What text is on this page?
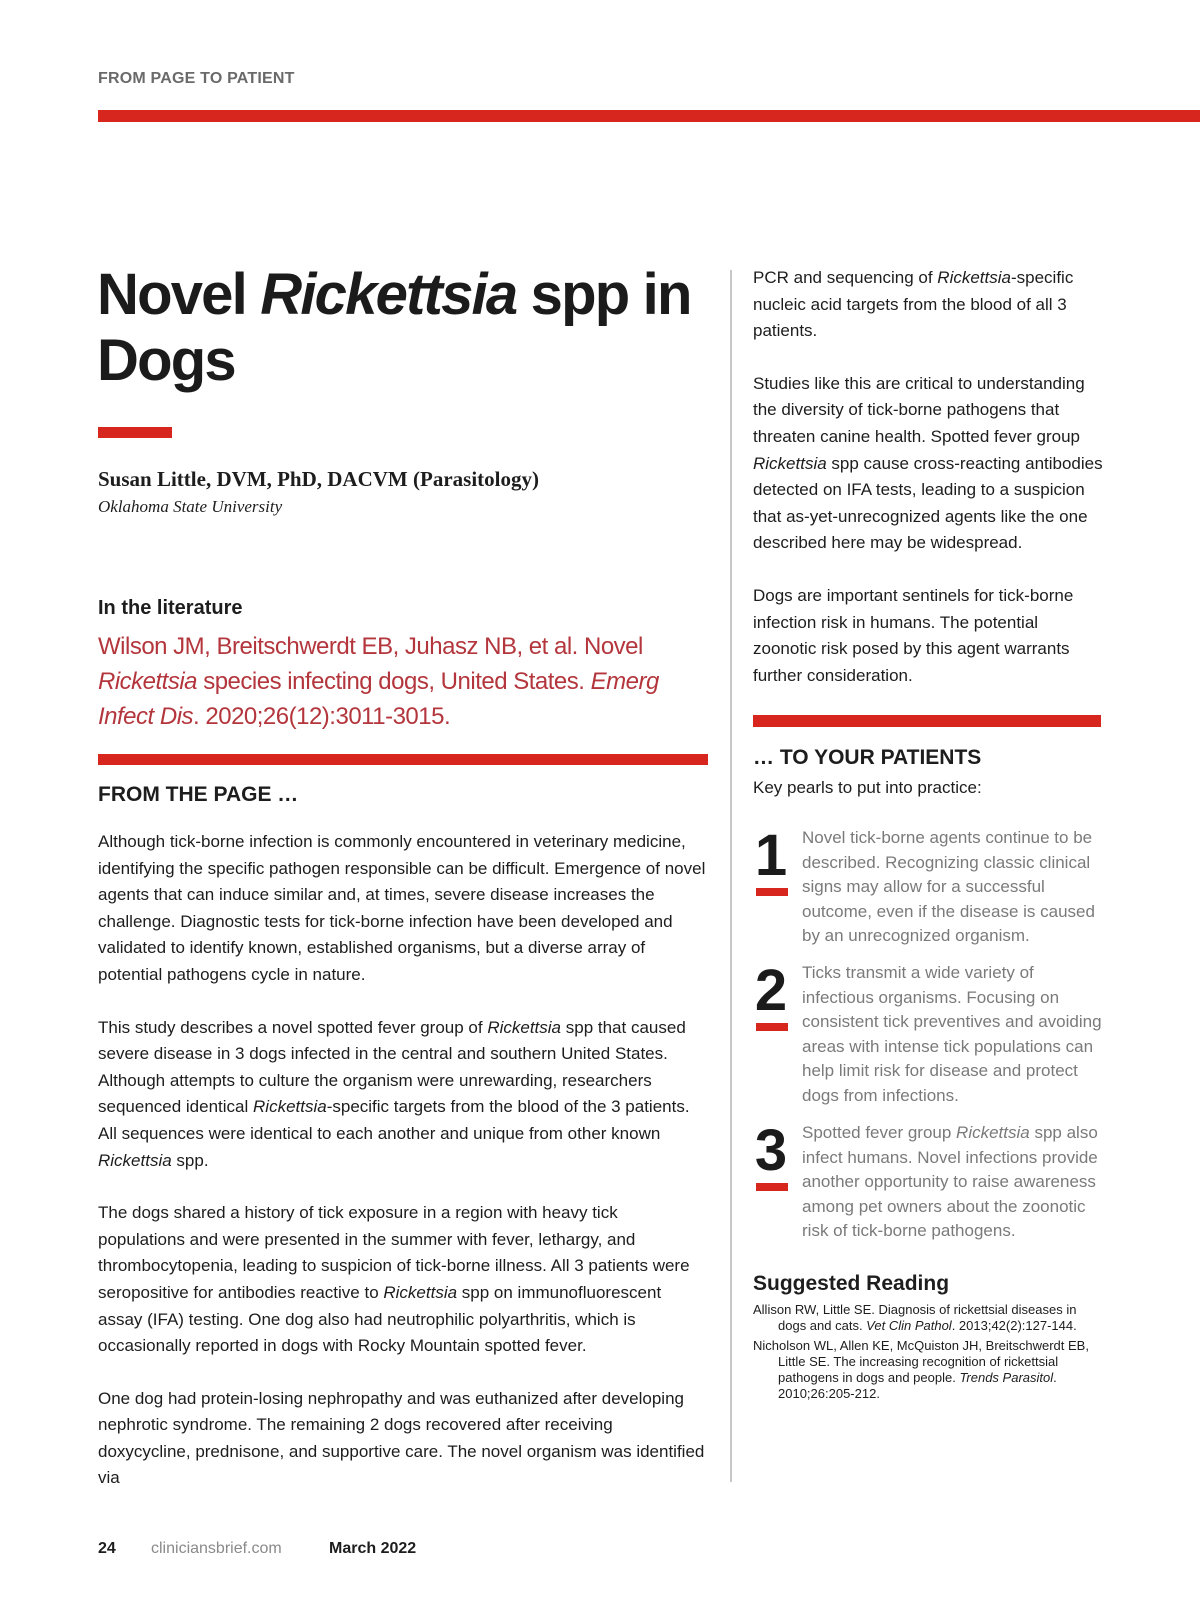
FROM PAGE TO PATIENT
Novel Rickettsia spp in Dogs
Susan Little, DVM, PhD, DACVM (Parasitology)
Oklahoma State University
In the literature

Wilson JM, Breitschwerdt EB, Juhasz NB, et al. Novel Rickettsia species infecting dogs, United States. Emerg Infect Dis. 2020;26(12):3011-3015.

FROM THE PAGE …

Although tick-borne infection is commonly encountered in veterinary medicine, identifying the specific pathogen responsible can be difficult. Emergence of novel agents that can induce similar and, at times, severe disease increases the challenge. Diagnostic tests for tick-borne infection have been developed and validated to identify known, established organisms, but a diverse array of potential pathogens cycle in nature.

This study describes a novel spotted fever group of Rickettsia spp that caused severe disease in 3 dogs infected in the central and southern United States. Although attempts to culture the organism were unrewarding, researchers sequenced identical Rickettsia-specific targets from the blood of the 3 patients. All sequences were identical to each another and unique from other known Rickettsia spp.

The dogs shared a history of tick exposure in a region with heavy tick populations and were presented in the summer with fever, lethargy, and thrombocytopenia, leading to suspicion of tick-borne illness. All 3 patients were seropositive for antibodies reactive to Rickettsia spp on immunofluorescent assay (IFA) testing. One dog also had neutrophilic polyarthritis, which is occasionally reported in dogs with Rocky Mountain spotted fever.

One dog had protein-losing nephropathy and was euthanized after developing nephrotic syndrome. The remaining 2 dogs recovered after receiving doxycycline, prednisone, and supportive care. The novel organism was identified via

PCR and sequencing of Rickettsia-specific nucleic acid targets from the blood of all 3 patients.

Studies like this are critical to understanding the diversity of tick-borne pathogens that threaten canine health. Spotted fever group Rickettsia spp cause cross-reacting antibodies detected on IFA tests, leading to a suspicion that as-yet-unrecognized agents like the one described here may be widespread.

Dogs are important sentinels for tick-borne infection risk in humans. The potential zoonotic risk posed by this agent warrants further consideration.

… TO YOUR PATIENTS
Key pearls to put into practice:
1 Novel tick-borne agents continue to be described. Recognizing classic clinical signs may allow for a successful outcome, even if the disease is caused by an unrecognized organism.

2 Ticks transmit a wide variety of infectious organisms. Focusing on consistent tick preventives and avoiding areas with intense tick populations can help limit risk for disease and protect dogs from infections.

3 Spotted fever group Rickettsia spp also infect humans. Novel infections provide another opportunity to raise awareness among pet owners about the zoonotic risk of tick-borne pathogens.

Suggested Reading

Allison RW, Little SE. Diagnosis of rickettsial diseases in dogs and cats. Vet Clin Pathol. 2013;42(2):127-144.

Nicholson WL, Allen KE, McQuiston JH, Breitschwerdt EB, Little SE. The increasing recognition of rickettsial pathogens in dogs and people. Trends Parasitol. 2010;26:205-212.

24 cliniciansbrief.com	March 2022
